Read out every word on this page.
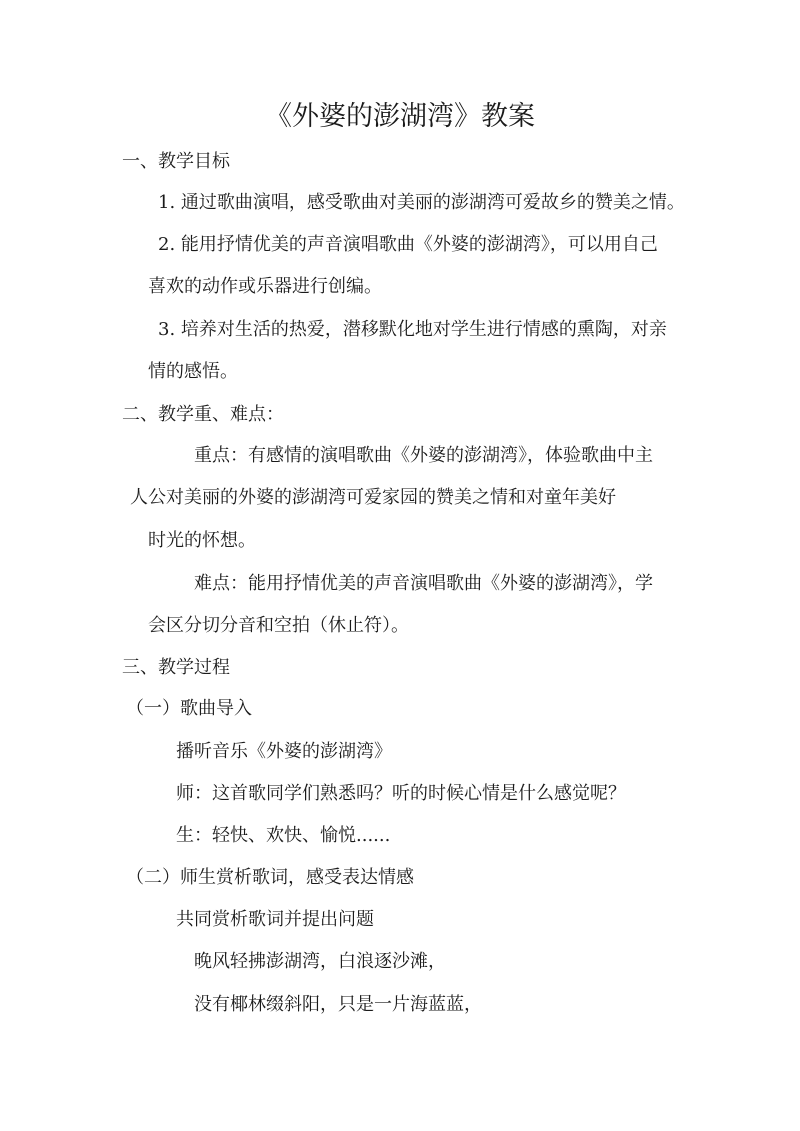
《外婆的澎湖湾》教案
一、教学目标
1. 通过歌曲演唱，感受歌曲对美丽的澎湖湾可爱故乡的赞美之情。
2. 能用抒情优美的声音演唱歌曲《外婆的澎湖湾》，可以用自己
喜欢的动作或乐器进行创编。
3. 培养对生活的热爱，潜移默化地对学生进行情感的熏陶，对亲
情的感悟。
二、教学重、难点：
重点：有感情的演唱歌曲《外婆的澎湖湾》，体验歌曲中主
人公对美丽的外婆的澎湖湾可爱家园的赞美之情和对童年美好
时光的怀想。
难点：能用抒情优美的声音演唱歌曲《外婆的澎湖湾》，学
会区分切分音和空拍（休止符）。
三、教学过程
（一）歌曲导入
播听音乐《外婆的澎湖湾》
师：这首歌同学们熟悉吗？听的时候心情是什么感觉呢？
生：轻快、欢快、愉悦......
（二）师生赏析歌词，感受表达情感
共同赏析歌词并提出问题
晚风轻拂澎湖湾，白浪逐沙滩，
没有椰林缀斜阳，只是一片海蓝蓝，
